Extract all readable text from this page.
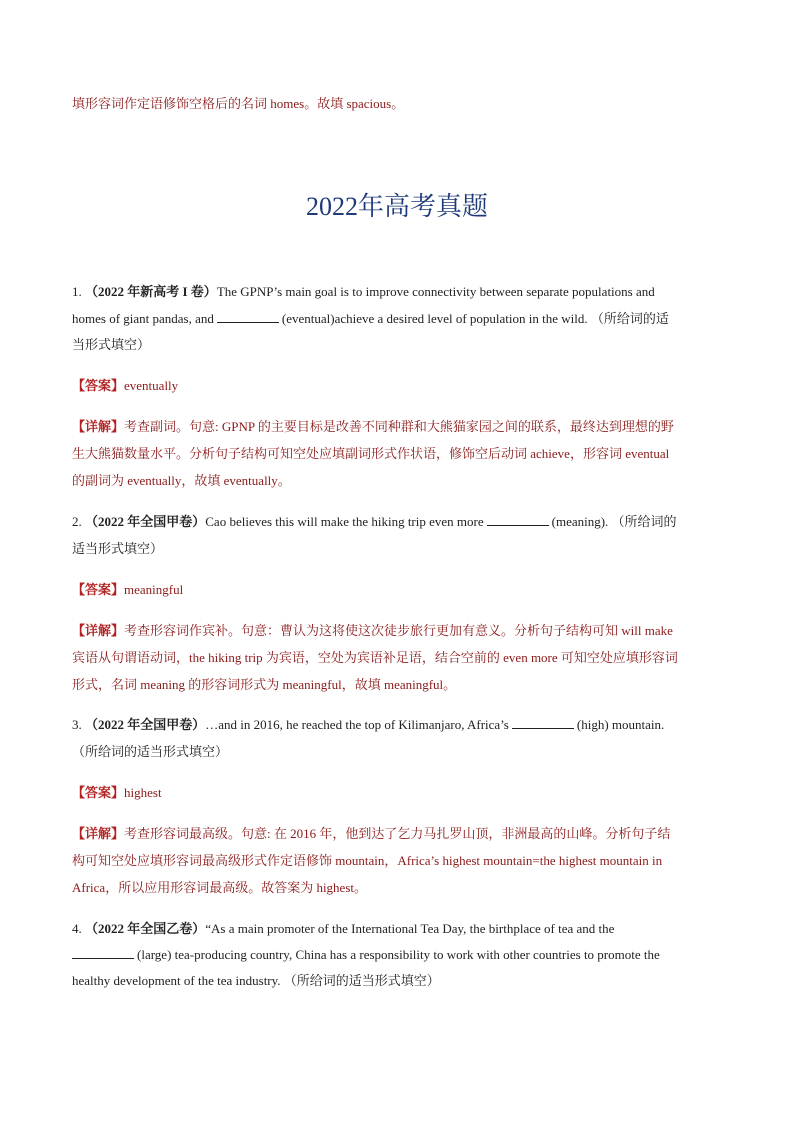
填形容词作定语修饰空格后的名词 homes。故填 spacious。
2022年高考真题
1. （2022 年新高考 I 卷）The GPNP’s main goal is to improve connectivity between separate populations and
homes of giant pandas, and	(eventual)achieve a desired level of population in the wild. （所给词的适
当形式填空）
【答案】eventually
【详解】考查副词。句意: GPNP 的主要目标是改善不同种群和大熊猫家园之间的联系，最终达到理想的野
生大熊猫数量水平。分析句子结构可知空处应填副词形式作状语，修饰空后动词 achieve，形容词 eventual
的副词为 eventually，故填 eventually。
2. （2022 年全国甲卷）Cao believes this will make the hiking trip even more	(meaning). （所给词的
适当形式填空）
【答案】meaningful
【详解】考查形容词作宾补。句意：曹认为这将使这次徒步旅行更加有意义。分析句子结构可知 will make
宾语从句谓语动词，the hiking trip 为宾语，空处为宾语补足语，结合空前的 even more 可知空处应填形容词
形式，名词 meaning 的形容词形式为 meaningful，故填 meaningful。
3. （2022 年全国甲卷）…and in 2016, he reached the top of Kilimanjaro, Africa’s	(high) mountain.
（所给词的适当形式填空）
【答案】highest
【详解】考查形容词最高级。句意: 在 2016 年，他到达了乞力马扎罗山顶，非洲最高的山峰。分析句子结
构可知空处应填形容词最高级形式作定语修饰 mountain，Africa’s highest mountain=the highest mountain in
Africa，所以应用形容词最高级。故答案为 highest。
4. （2022 年全国乙卷）“As a main promoter of the International Tea Day, the birthplace of tea and the
(large) tea-producing country, China has a responsibility to work with other countries to promote the
healthy development of the tea industry. （所给词的适当形式填空）
